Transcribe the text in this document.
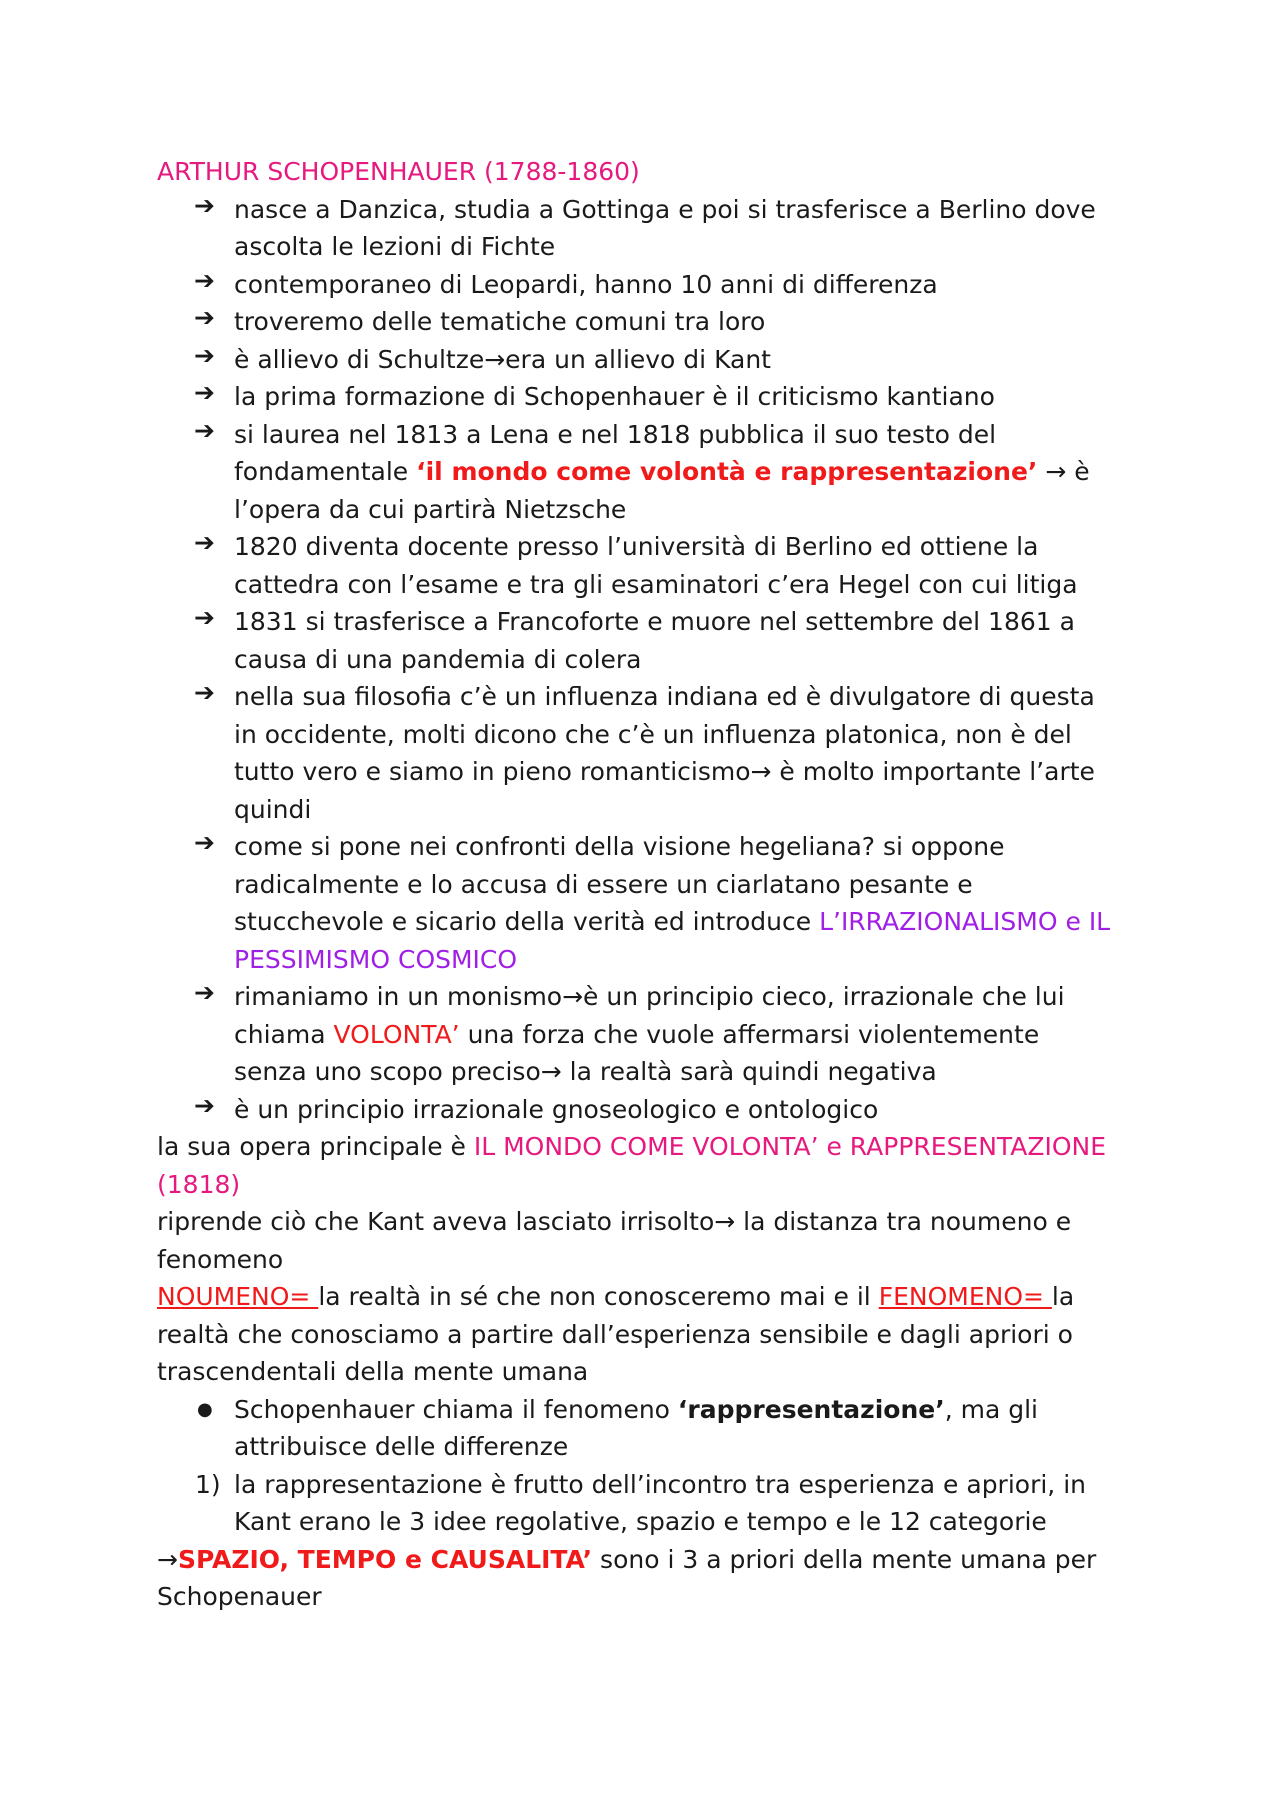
ARTHUR SCHOPENHAUER (1788-1860)
➔ nasce a Danzica, studia a Gottinga e poi si trasferisce a Berlino dove
ascolta le lezioni di Fichte
➔ contemporaneo di Leopardi, hanno 10 anni di differenza
➔ troveremo delle tematiche comuni tra loro
➔ è allievo di Schultze→era un allievo di Kant
➔ la prima formazione di Schopenhauer è il criticismo kantiano
➔ si laurea nel 1813 a Lena e nel 1818 pubblica il suo testo del
fondamentale ‘il mondo come volontà e rappresentazione’ → è
l’opera da cui partirà Nietzsche
➔ 1820 diventa docente presso l’università di Berlino ed ottiene la
cattedra con l’esame e tra gli esaminatori c’era Hegel con cui litiga
➔ 1831 si trasferisce a Francoforte e muore nel settembre del 1861 a
causa di una pandemia di colera
➔ nella sua filosofia c’è un influenza indiana ed è divulgatore di questa
in occidente, molti dicono che c’è un influenza platonica, non è del
tutto vero e siamo in pieno romanticismo→ è molto importante l’arte
quindi
➔ come si pone nei confronti della visione hegeliana? si oppone
radicalmente e lo accusa di essere un ciarlatano pesante e
stucchevole e sicario della verità ed introduce L’IRRAZIONALISMO e IL
PESSIMISMO COSMICO
➔ rimaniamo in un monismo→è un principio cieco, irrazionale che lui
chiama VOLONTA’ una forza che vuole affermarsi violentemente
senza uno scopo preciso→ la realtà sarà quindi negativa
➔ è un principio irrazionale gnoseologico e ontologico
la sua opera principale è IL MONDO COME VOLONTA’ e RAPPRESENTAZIONE
(1818)
riprende ciò che Kant aveva lasciato irrisolto→ la distanza tra noumeno e
fenomeno
NOUMENO= la realtà in sé che non conosceremo mai e il FENOMENO= la
realtà che conosciamo a partire dall’esperienza sensibile e dagli apriori o
trascendentali della mente umana
● Schopenhauer chiama il fenomeno ‘rappresentazione’, ma gli
attribuisce delle differenze
1) la rappresentazione è frutto dell’incontro tra esperienza e apriori, in
Kant erano le 3 idee regolative, spazio e tempo e le 12 categorie
→SPAZIO, TEMPO e CAUSALITA’ sono i 3 a priori della mente umana per
Schopenauer
